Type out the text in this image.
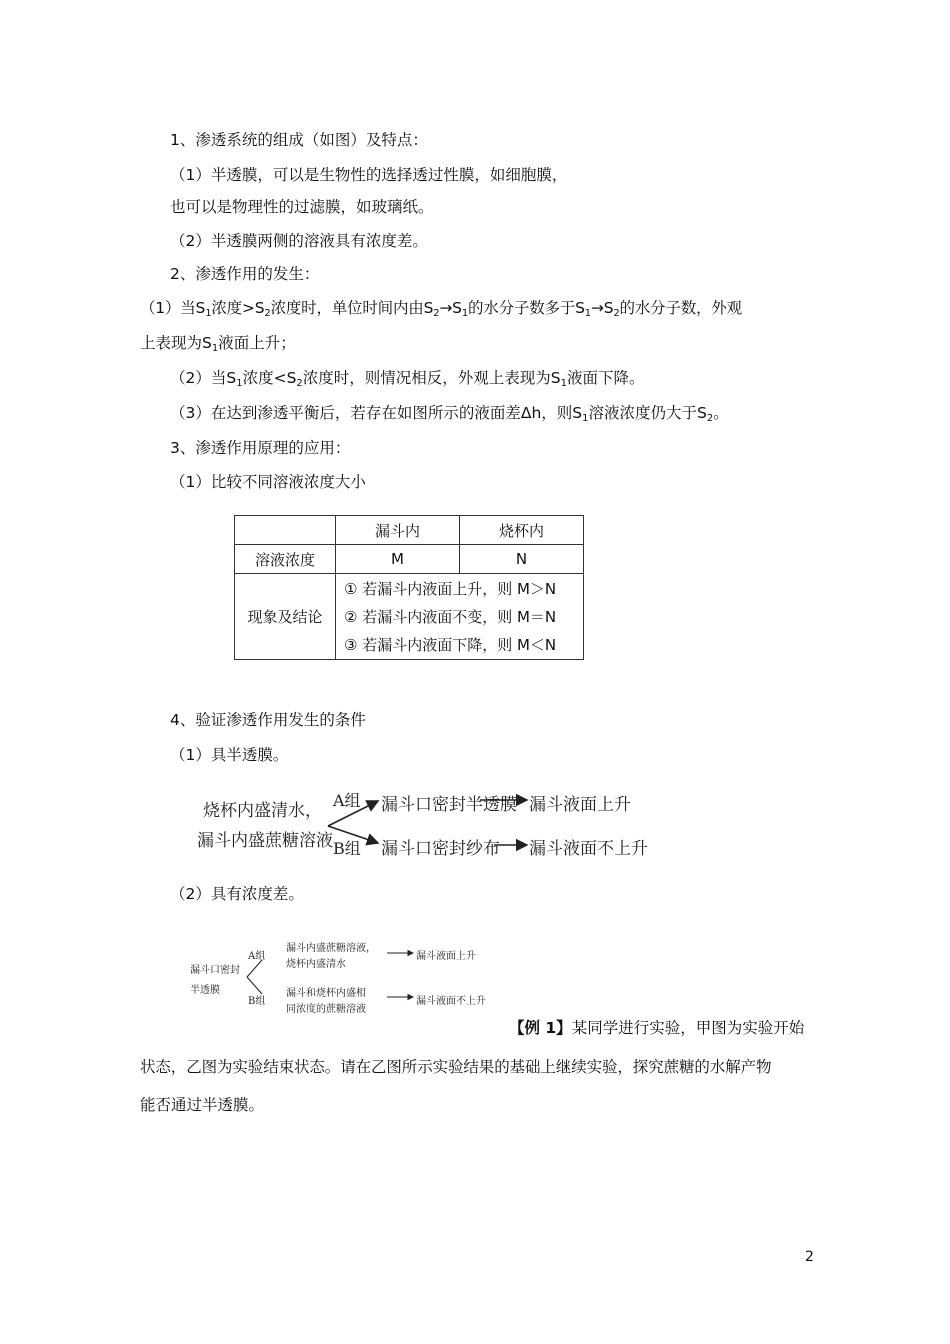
1、渗透系统的组成（如图）及特点：
（1）半透膜，可以是生物性的选择透过性膜，如细胞膜，
也可以是物理性的过滤膜，如玻璃纸。
（2）半透膜两侧的溶液具有浓度差。
2、渗透作用的发生：
（1）当$S_1$浓度$>S_2$浓度时，单位时间内由$S_2\to S_1$的水分子数多于$S_1\to S_2$的水分子数，外观
上表现为$S_1$液面上升；
（2）当$S_1$浓度$<S_2$浓度时，则情况相反，外观上表现为$S_1$液面下降。
（3）在达到渗透平衡后，若存在如图所示的液面差Δh，则$S_1$溶液浓度仍大于$S_2$。
3、渗透作用原理的应用：
（1）比较不同溶液浓度大小
	漏斗内	烧杯内
溶液浓度	M	N
现象及结论	① 若漏斗内液面上升，则 M＞N
② 若漏斗内液面不变，则 M＝N
③ 若漏斗内液面下降，则 M＜N	
4、验证渗透作用发生的条件
（1）具半透膜。
烧杯内盛清水，
漏斗内盛蔗糖溶液
A组 漏斗口密封半透膜 漏斗液面上升
B组 漏斗口密封纱布 漏斗液面不上升
（2）具有浓度差。
漏斗口密封
半透膜
A组
漏斗内盛蔗糖溶液，
烧杯内盛清水
漏斗液面上升
B组
漏斗和烧杯内盛相
同浓度的蔗糖溶液
漏斗液面不上升
【例 1】某同学进行实验，甲图为实验开始
状态，乙图为实验结束状态。请在乙图所示实验结果的基础上继续实验，探究蔗糖的水解产物
能否通过半透膜。
2
